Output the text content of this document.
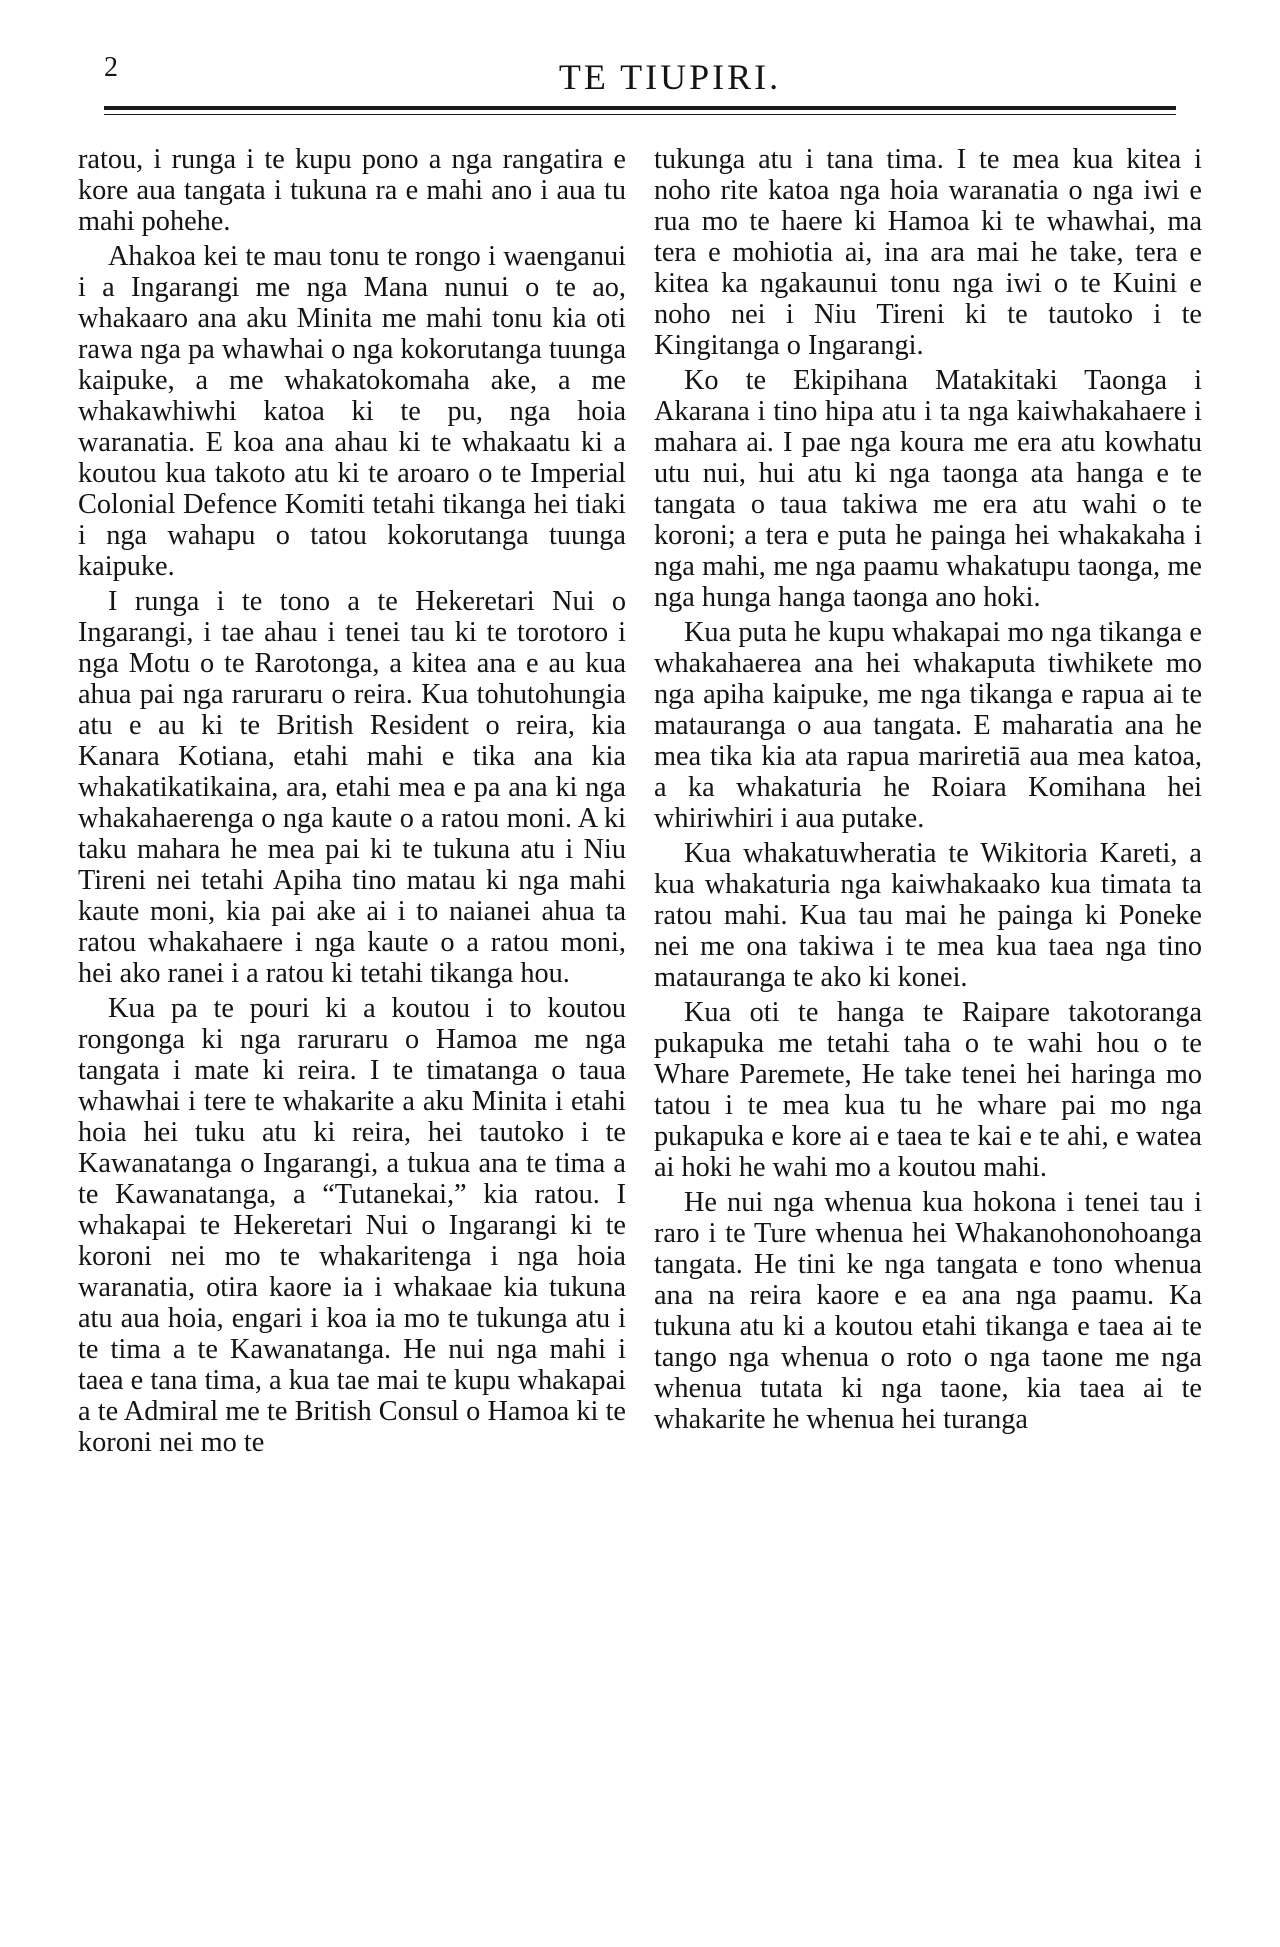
2	TE TIUPIRI.

ratou, i runga i te kupu pono a nga rangatira e kore aua tangata i tukuna ra e mahi ano i aua tu mahi pohehe.

Ahakoa kei te mau tonu te rongo i waenganui i a Ingarangi me nga Mana nunui o te ao, whakaaro ana aku Minita me mahi tonu kia oti rawa nga pa whawhai o nga kokorutanga tuunga kaipuke, a me whakatokomaha ake, a me whakawhiwhi katoa ki te pu, nga hoia waranatia. E koa ana ahau ki te whakaatu ki a koutou kua takoto atu ki te aroaro o te Imperial Colonial Defence Komiti tetahi tikanga hei tiaki i nga wahapu o tatou kokorutanga tuunga kaipuke.

I runga i te tono a te Hekeretari Nui o Ingarangi, i tae ahau i tenei tau ki te torotoro i nga Motu o te Rarotonga, a kitea ana e au kua ahua pai nga raruraru o reira. Kua tohutohungia atu e au ki te British Resident o reira, kia Kanara Kotiana, etahi mahi e tika ana kia whakatikatikaina, ara, etahi mea e pa ana ki nga whakahaerenga o nga kaute o a ratou moni. A ki taku mahara he mea pai ki te tukuna atu i Niu Tireni nei tetahi Apiha tino matau ki nga mahi kaute moni, kia pai ake ai i to naianei ahua ta ratou whakahaere i nga kaute o a ratou moni, hei ako ranei i a ratou ki tetahi tikanga hou.

Kua pa te pouri ki a koutou i to koutou rongonga ki nga raruraru o Hamoa me nga tangata i mate ki reira. I te timatanga o taua whawhai i tere te whakarite a aku Minita i etahi hoia hei tuku atu ki reira, hei tautoko i te Kawanatanga o Ingarangi, a tukua ana te tima a te Kawanatanga, a “Tutanekai,” kia ratou. I whakapai te Hekeretari Nui o Ingarangi ki te koroni nei mo te whakaritenga i nga hoia waranatia, otira kaore ia i whakaae kia tukuna atu aua hoia, engari i koa ia mo te tukunga atu i te tima a te Kawanatanga. He nui nga mahi i taea e tana tima, a kua tae mai te kupu whakapai a te Admiral me te British Consul o Hamoa ki te koroni nei mo te

tukunga atu i tana tima. I te mea kua kitea i noho rite katoa nga hoia waranatia o nga iwi e rua mo te haere ki Hamoa ki te whawhai, ma tera e mohiotia ai, ina ara mai he take, tera e kitea ka ngakaunui tonu nga iwi o te Kuini e noho nei i Niu Tireni ki te tautoko i te Kingitanga o Ingarangi.

Ko te Ekipihana Matakitaki Taonga i Akarana i tino hipa atu i ta nga kaiwhakahaere i mahara ai. I pae nga koura me era atu kowhatu utu nui, hui atu ki nga taonga ata hanga e te tangata o taua takiwa me era atu wahi o te koroni; a tera e puta he painga hei whakakaha i nga mahi, me nga paamu whakatupu taonga, me nga hunga hanga taonga ano hoki.

Kua puta he kupu whakapai mo nga tikanga e whakahaerea ana hei whakaputa tiwhikete mo nga apiha kaipuke, me nga tikanga e rapua ai te matauranga o aua tangata. E maharatia ana he mea tika kia ata rapua mariretiā aua mea katoa, a ka whakaturia he Roiara Komihana hei whiriwhiri i aua putake.

Kua whakatuwheratia te Wikitoria Kareti, a kua whakaturia nga kaiwhakaako kua timata ta ratou mahi. Kua tau mai he painga ki Poneke nei me ona takiwa i te mea kua taea nga tino matauranga te ako ki konei.

Kua oti te hanga te Raipare takotoranga pukapuka me tetahi taha o te wahi hou o te Whare Paremete, He take tenei hei haringa mo tatou i te mea kua tu he whare pai mo nga pukapuka e kore ai e taea te kai e te ahi, e watea ai hoki he wahi mo a koutou mahi.

He nui nga whenua kua hokona i tenei tau i raro i te Ture whenua hei Whakanohonohoanga tangata. He tini ke nga tangata e tono whenua ana na reira kaore e ea ana nga paamu. Ka tukuna atu ki a koutou etahi tikanga e taea ai te tango nga whenua o roto o nga taone me nga whenua tutata ki nga taone, kia taea ai te whakarite he whenua hei turanga
